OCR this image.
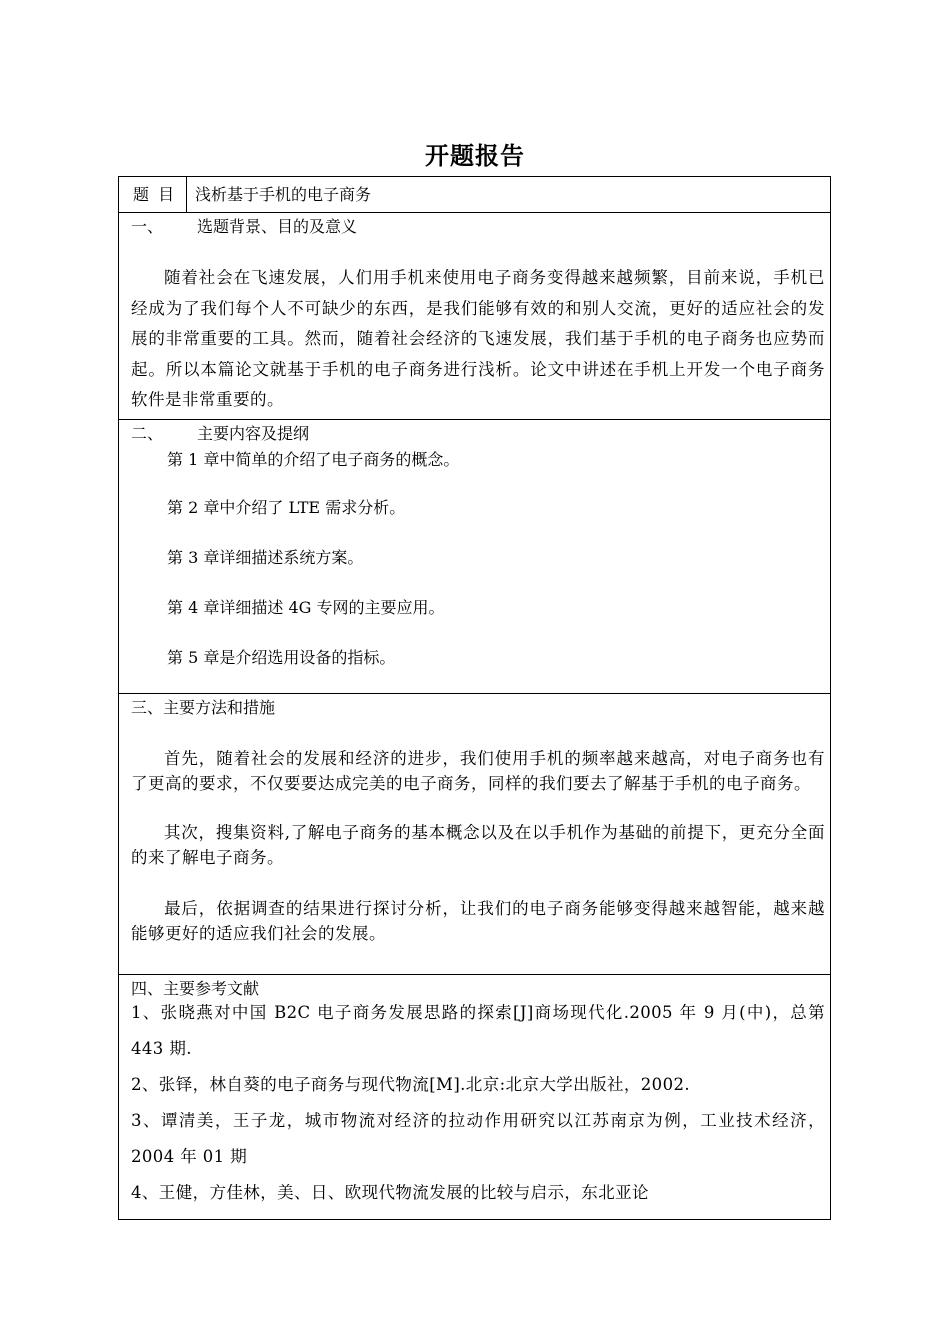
开题报告
题 目 浅析基于手机的电子商务
一、 选题背景、目的及意义
随着社会在飞速发展，人们用手机来使用电子商务变得越来越频繁，目前来说，手机已经成为了我们每个人不可缺少的东西，是我们能够有效的和别人交流，更好的适应社会的发展的非常重要的工具。然而，随着社会经济的飞速发展，我们基于手机的电子商务也应势而起。所以本篇论文就基于手机的电子商务进行浅析。论文中讲述在手机上开发一个电子商务软件是非常重要的。
二、 主要内容及提纲
第 1 章中简单的介绍了电子商务的概念。
第 2 章中介绍了 LTE 需求分析。
第 3 章详细描述系统方案。
第 4 章详细描述 4G 专网的主要应用。
第 5 章是介绍选用设备的指标。
三、主要方法和措施
首先，随着社会的发展和经济的进步，我们使用手机的频率越来越高，对电子商务也有了更高的要求，不仅要要达成完美的电子商务，同样的我们要去了解基于手机的电子商务。
其次，搜集资料,了解电子商务的基本概念以及在以手机作为基础的前提下，更充分全面的来了解电子商务。
最后，依据调查的结果进行探讨分析，让我们的电子商务能够变得越来越智能，越来越能够更好的适应我们社会的发展。
四、主要参考文献
1、张晓燕对中国 B2C 电子商务发展思路的探索[J]商场现代化.2005 年 9 月(中)，总第 443 期.
2、张铎，林自葵的电子商务与现代物流[M].北京:北京大学出版社，2002.
3、谭清美，王子龙，城市物流对经济的拉动作用研究以江苏南京为例，工业技术经济，2004 年 01 期
4、王健，方佳林，美、日、欧现代物流发展的比较与启示，东北亚论
